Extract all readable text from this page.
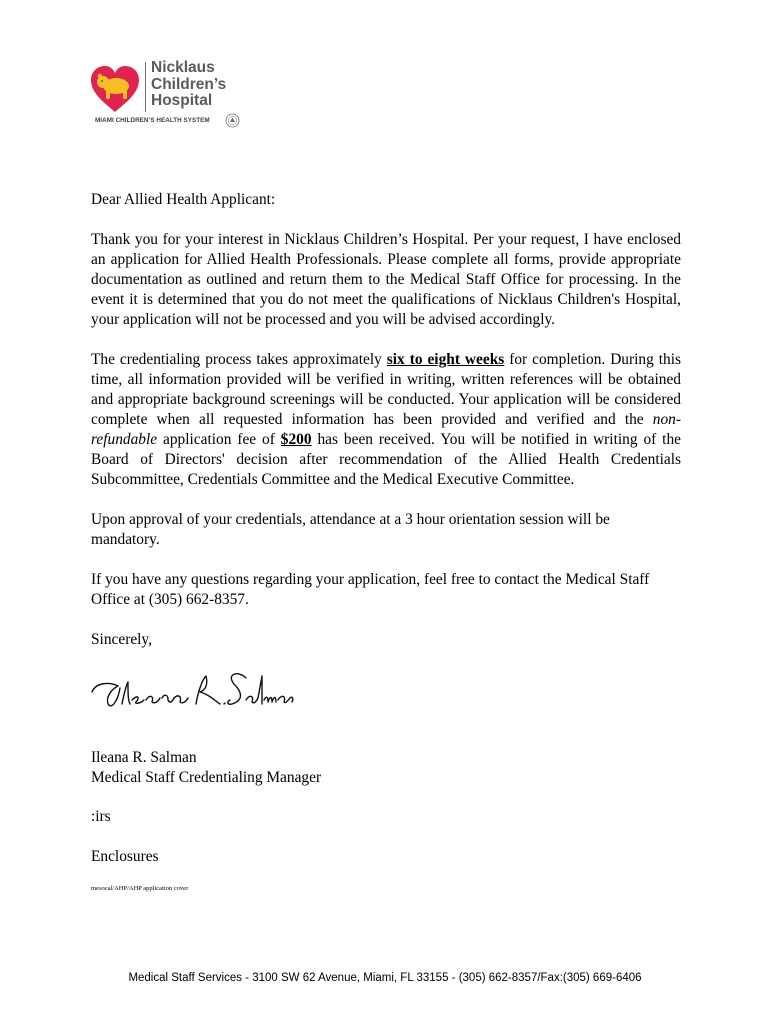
Nicklaus
Children’s
Hospital
MIAMI CHILDREN’S HEALTH SYSTEM

Dear Allied Health Applicant:

Thank you for your interest in Nicklaus Children’s Hospital. Per your request, I have enclosed an application for Allied Health Professionals. Please complete all forms, provide appropriate documentation as outlined and return them to the Medical Staff Office for processing. In the event it is determined that you do not meet the qualifications of Nicklaus Children's Hospital, your application will not be processed and you will be advised accordingly.

The credentialing process takes approximately six to eight weeks for completion. During this time, all information provided will be verified in writing, written references will be obtained and appropriate background screenings will be conducted. Your application will be considered complete when all requested information has been provided and verified and the non-refundable application fee of $200 has been received. You will be notified in writing of the Board of Directors' decision after recommendation of the Allied Health Credentials Subcommittee, Credentials Committee and the Medical Executive Committee.

Upon approval of your credentials, attendance at a 3 hour orientation session will be mandatory.

If you have any questions regarding your application, feel free to contact the Medical Staff Office at (305) 662-8357.

Sincerely,

Ileana R. Salman

Medical Staff Credentialing Manager

:irs
Enclosures
mesocal/AHP/AHP application cover
Medical Staff Services - 3100 SW 62 Avenue, Miami, FL 33155 - (305) 662-8357/Fax:(305) 669-6406
